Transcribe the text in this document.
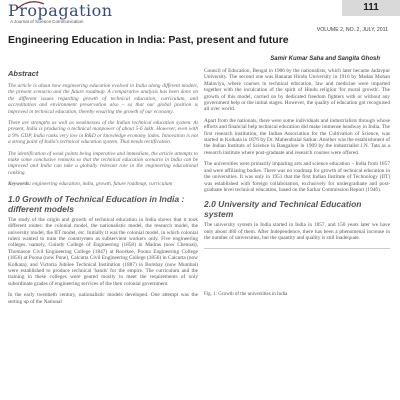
Propagation
A Journal of Science Communication
111
VOLUME 2, NO. 2, JULY, 2011
Engineering Education in India: Past, present and future
Samir Kumar Saha and Sangita Ghosh
Abstract

The article is about how engineering education evolved in India along different models, the present scenario and the future roadmap. A comparative analysis has been done on the different issues regarding growth of technical education, curriculum, and accreditation and environment preservation also – so that our global position is improved in technical education, thereby ensuring the growth of our economy.

There are strengths as well as weaknesses of the Indian technical education system. At present, India is producing a technical manpower of about 5-6 lakh. However, even with a 9% GDP, India ranks very low in R&D or knowledge economy index. Innovation is not a strong point of India's technical education system. That needs rectification.

The identification of weak points being imperative and immediate, the article attempts to make some conclusive remarks so that the technical education scenario in India can be improved and India can take a globally relevant role in the engineering educational ranking.

Keywords: engineering education, india, growth, future roadmap, curriculum

1.0 Growth of Technical Education in India : different models

The study of the origin and growth of technical education in India shows that it took different routes: the colonial model, the nationalistic model, the research model, the university model, the IIT model, etc. Initially it was the colonial model, in which colonial rulers wanted to train the countrymen as subservient workers only. Five engineering colleges, namely, Guindy College of Engineering (1858) in Madras (now Chennai), Thomason Civil Engineering College (1847) at Roorkee, Poona Engineering College (1856) at Poona (now Pune), Calcutta Civil Engineering College (1856) in Calcutta (now Kolkata), and Victoria Jubilee Technical Institution (1887) in Bombay (now Mumbai) were established to produce technical 'hands' for the empire. The curriculum and the training in these colleges were geared mostly to meet the requirements of only subordinate grades of engineering services of the then colonial government.

In the early twentieth century, nationalistic models developed. One attempt was the setting up of the National

Council of Education, Bengal in 1906 by the nationalists, which later became Jadavpur University. The second one was Banaras Hindu University in 1916 by Madan Mohan Malaviya, where courses in technical education, law and medicine were imparted together with the inculcation of the spirit of Hindu religion 'for moral growth'. The growth of this model, carried on by dedicated freedom fighters with or without any government help or the initial stages. However, the quality of education got recognised all over world.

Apart from the nationals, there were some individuals and industrialists through whose efforts and financial help technical education did make immense headway in India. The first research institution, the Indian Association for the Cultivation of Science, was started in Kolkata in 1876 by Dr. Mahendralal Sarkar. Another was the establishment of the Indian Institute of Science in Bangalore in 1909 by the industrialist J.N. Tata as a research institute where post-graduate and research courses were offered.

The universities were primarily imparting arts and science education – India from 1857 and were affiliating bodies. There was no roadmap for growth of technical education in the universities. It was only in 1951 that the first Indian Institute of Technology (IIT) was established with foreign collaboration, exclusively for undergraduate and post-graduate level technical education, based on the Sarkar Commission Report (1946).

2.0 University and Technical Education system

The university system in India started in India in 1857, and 150 years later we have only about 480 of them. After Independence, there has been a phenomenal increase in the number of universities, but the quantity and quality is still inadequate.

Fig. 1: Growth of the universities in India
